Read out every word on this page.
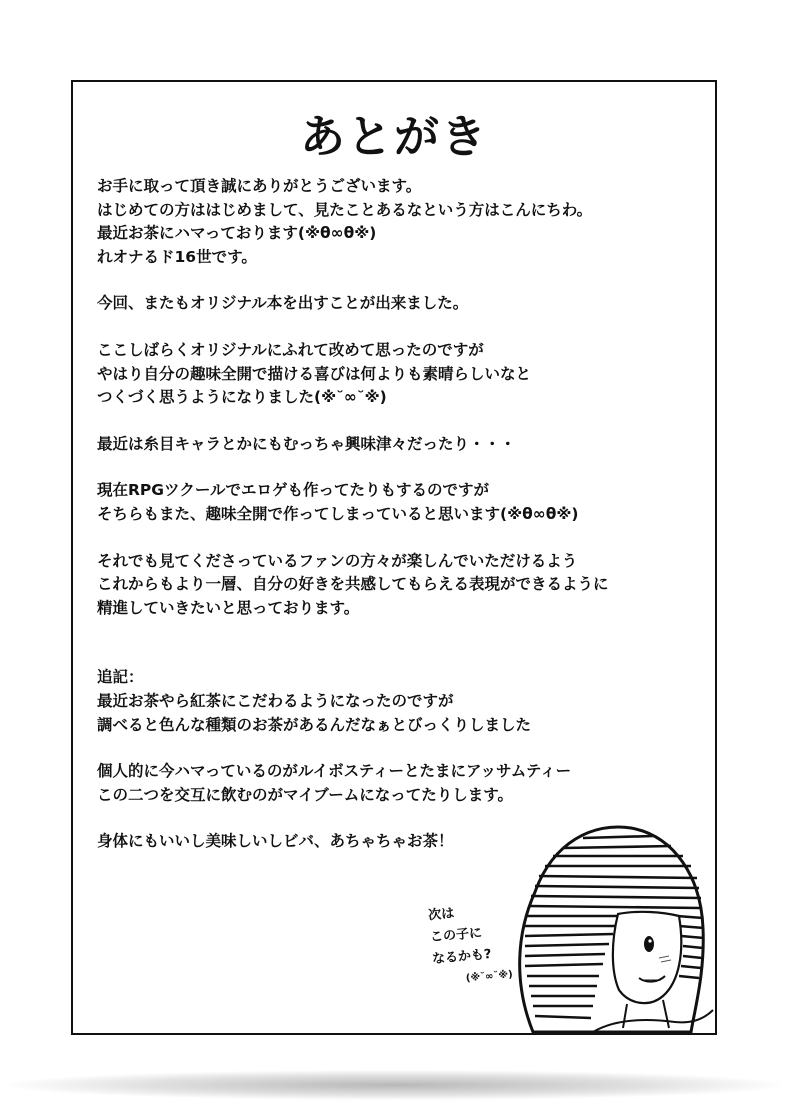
あとがき
お手に取って頂き誠にありがとうございます。
はじめての方ははじめまして、見たことあるなという方はこんにちわ。
最近お茶にハマっております(※θ∞θ※)
れオナるド16世です。
今回、またもオリジナル本を出すことが出来ました。
ここしばらくオリジナルにふれて改めて思ったのですが
やはり自分の趣味全開で描ける喜びは何よりも素晴らしいなと
つくづく思うようになりました(※˘∞˘※)
最近は糸目キャラとかにもむっちゃ興味津々だったり・・・
現在RPGツクールでエロゲも作ってたりもするのですが
そちらもまた、趣味全開で作ってしまっていると思います(※θ∞θ※)
それでも見てくださっているファンの方々が楽しんでいただけるよう
これからもより一層、自分の好きを共感してもらえる表現ができるように
精進していきたいと思っております。
追記：
最近お茶やら紅茶にこだわるようになったのですが
調べると色んな種類のお茶があるんだなぁとびっくりしました
個人的に今ハマっているのがルイボスティーとたまにアッサムティー
この二つを交互に飲むのがマイブームになってたりします。
身体にもいいし美味しいしビバ、あちゃちゃお茶！
次は
この子に
なるかも?
(※˘∞˘※)
